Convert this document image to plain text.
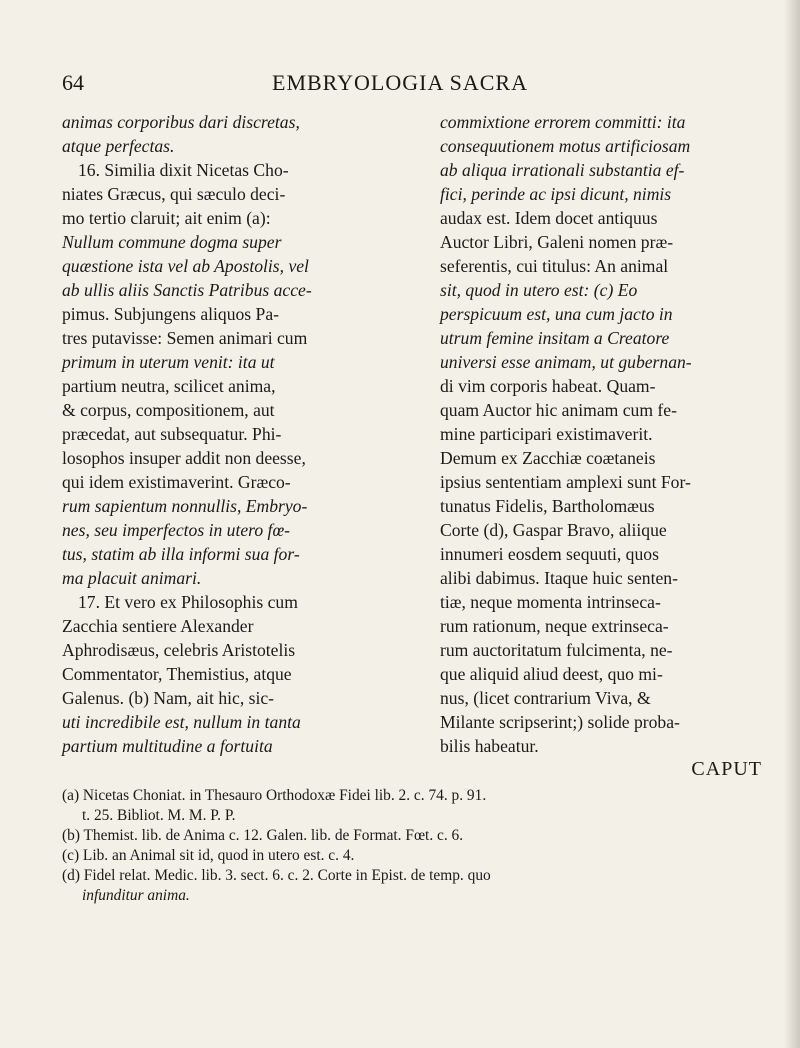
64	EMBRYOLOGIA SACRA
animas corporibus dari discretas,
atque perfectas.
16. Similia dixit Nicetas Cho-
niates Græcus, qui sæculo deci-
mo tertio claruit; ait enim (a):
Nullum commune dogma super
quæstione ista vel ab Apostolis, vel
ab ullis aliis Sanctis Patribus acce-
pimus. Subjungens aliquos Pa-
tres putavisse: Semen animari cum
primum in uterum venit: ita ut
partium neutra, scilicet anima,
& corpus, compositionem, aut
præcedat, aut subsequatur. Phi-
losophos insuper addit non deesse,
qui idem existimaverint. Græco-
rum sapientum nonnullis, Embryo-
nes, seu imperfectos in utero fœ-
tus, statim ab illa informi sua for-
ma placuit animari.
17. Et vero ex Philosophis cum
Zacchia sentiere Alexander
Aphrodisæus, celebris Aristotelis
Commentator, Themistius, atque
Galenus. (b) Nam, ait hic, sic-
uti incredibile est, nullum in tanta
partium multitudine a fortuita
commixtione errorem committi: ita
consequutionem motus artificiosam
ab aliqua irrationali substantia ef-
fici, perinde ac ipsi dicunt, nimis
audax est. Idem docet antiquus
Auctor Libri, Galeni nomen præ-
seferentis, cui titulus: An animal
sit, quod in utero est: (c) Eo
perspicuum est, una cum jacto in
utrum femine insitam a Creatore
universi esse animam, ut gubernan-
di vim corporis habeat. Quam-
quam Auctor hic animam cum fe-
mine participari existimaverit.
Demum ex Zacchiæ coætaneis
ipsius sententiam amplexi sunt For-
tunatus Fidelis, Bartholomæus
Corte (d), Gaspar Bravo, aliique
innumeri eosdem sequuti, quos
alibi dabimus. Itaque huic senten-
tiæ, neque momenta intrinseca-
rum rationum, neque extrinseca-
rum auctoritatum fulcimenta, ne-
que aliquid aliud deest, quo mi-
nus, (licet contrarium Viva, &
Milante scripserint;) solide proba-
bilis habeatur.
CAPUT
(a) Nicetas Choniat. in Thesauro Orthodoxæ Fidei lib. 2. c. 74. p. 91.
t. 25. Bibliot. M. M. P. P.
(b) Themist. lib. de Anima c. 12. Galen. lib. de Format. Fœt. c. 6.
(c) Lib. an Animal sit id, quod in utero est. c. 4.
(d) Fidel relat. Medic. lib. 3. sect. 6. c. 2. Corte in Epist. de temp. quo
infunditur anima.
